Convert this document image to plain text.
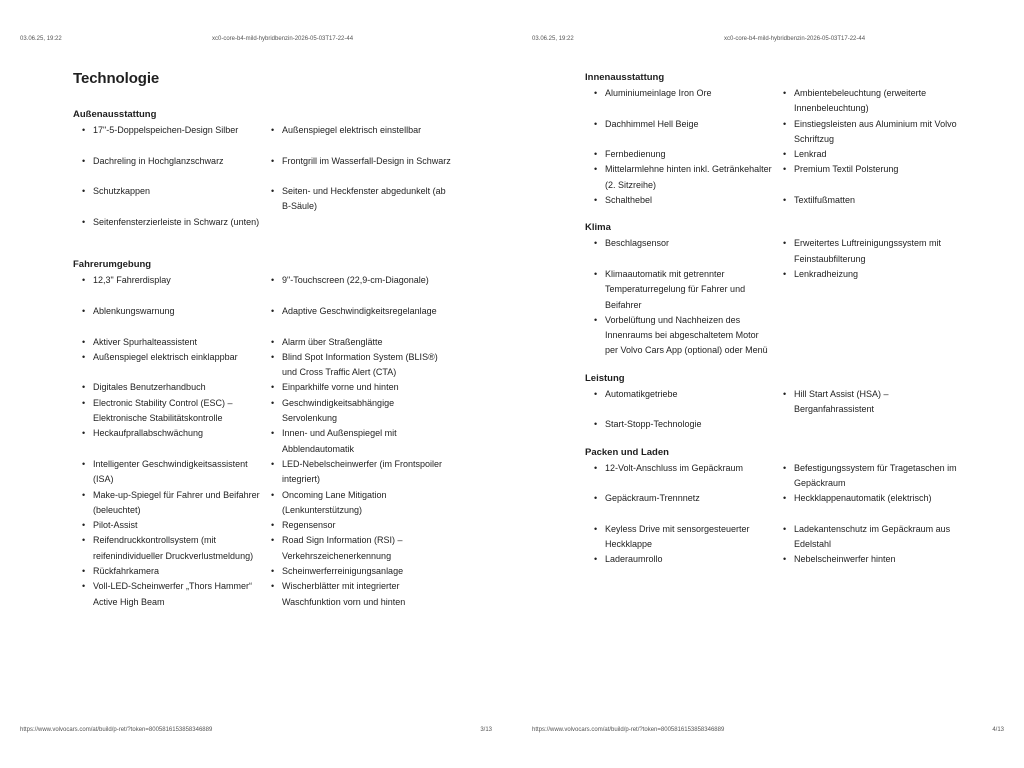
03.06.25, 19:22	xc0-core-b4-mild-hybridbenzin-2026-05-03T17-22-44
Technologie
Außenausstattung
• 17"-5-Doppelspeichen-Design Silber	• Außenspiegel elektrisch einstellbar
• Dachreling in Hochglanzschwarz	• Frontgrill im Wasserfall-Design in Schwarz
• Schutzkappen	• Seiten- und Heckfenster abgedunkelt (ab B-Säule)
• Seitenfensterzierleiste in Schwarz (unten)
Fahrerumgebung
• 12,3" Fahrerdisplay	• 9"-Touchscreen (22,9-cm-Diagonale)
• Ablenkungswarnung	• Adaptive Geschwindigkeitsregelanlage
• Aktiver Spurhalteassistent	• Alarm über Straßenglätte
• Außenspiegel elektrisch einklappbar	• Blind Spot Information System (BLIS®) und Cross Traffic Alert (CTA)
• Digitales Benutzerhandbuch	• Einparkhilfe vorne und hinten
• Electronic Stability Control (ESC) – Elektronische Stabilitätskontrolle
• Geschwindigkeitsabhängige Servolenkung
• Heckaufprallabschwächung	• Innen- und Außenspiegel mit Abblendautomatik
• Intelligenter Geschwindigkeitsassistent (ISA)
• LED-Nebelscheinwerfer (im Frontspoiler integriert)
• Make-up-Spiegel für Fahrer und Beifahrer (beleuchtet)
• Oncoming Lane Mitigation (Lenkunterstützung)
• Pilot-Assist	• Regensensor
• Reifendruckkontrollsystem (mit reifenindividueller Druckverlustmeldung)
• Road Sign Information (RSI) – Verkehrszeichenerkennung
• Rückfahrkamera	• Scheinwerferreinigungsanlage
• Voll-LED-Scheinwerfer „Thors Hammer“ Active High Beam
• Wischerblätter mit integrierter Waschfunktion vorn und hinten
https://www.volvocars.com/at/build/p-ret/?token=8005816153858346889	3/13
03.06.25, 19:22	xc0-core-b4-mild-hybridbenzin-2026-05-03T17-22-44
Innenausstattung
• Aluminiumeinlage Iron Ore	• Ambientebeleuchtung (erweiterte Innenbeleuchtung)
• Dachhimmel Hell Beige	• Einstiegsleisten aus Aluminium mit Volvo Schriftzug
• Fernbedienung	• Lenkrad
• Mittelarmlehne hinten inkl. Getränkehalter (2. Sitzreihe)
• Premium Textil Polsterung
• Schalthebel	• Textilfußmatten
Klima
• Beschlagsensor	• Erweitertes Luftreinigungssystem mit Feinstaubfilterung
• Klimaautomatik mit getrennter Temperaturregelung für Fahrer und Beifahrer
• Lenkradheizung
• Vorbelüftung und Nachheizen des Innenraums bei abgeschaltetem Motor per Volvo Cars App (optional) oder Menü
Leistung
• Automatikgetriebe	• Hill Start Assist (HSA) – Berganfahrassistent
• Start-Stopp-Technologie
Packen und Laden
• 12-Volt-Anschluss im Gepäckraum	• Befestigungssystem für Tragetaschen im Gepäckraum
• Gepäckraum-Trennnetz	• Heckklappenautomatik (elektrisch)
• Keyless Drive mit sensorgesteuerter Heckklappe
• Ladekantenschutz im Gepäckraum aus Edelstahl
• Laderaumrollo	• Nebelscheinwerfer hinten
https://www.volvocars.com/at/build/p-ret/?token=8005816153858346889	4/13
